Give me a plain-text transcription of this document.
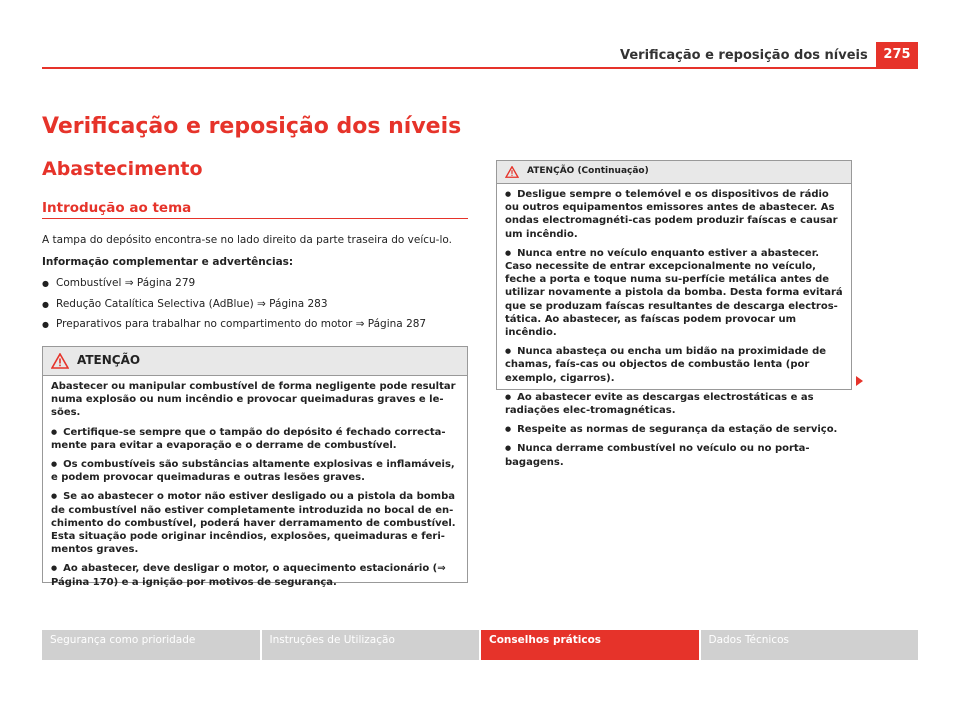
Verificação e reposição dos níveis	275
Verificação e reposição dos níveis
Abastecimento
Introdução ao tema

A tampa do depósito encontra-se no lado direito da parte traseira do veícu-lo.

Informação complementar e advertências:

● Combustível ⇒ Página 279
● Redução Catalítica Selectiva (AdBlue) ⇒ Página 283
● Preparativos para trabalhar no compartimento do motor ⇒ Página 287
ATENÇÃO

Abastecer ou manipular combustível de forma negligente pode resultar numa explosão ou num incêndio e provocar queimaduras graves e le-sões.

● Certifique-se sempre que o tampão do depósito é fechado correcta-mente para evitar a evaporação e o derrame de combustível.
● Os combustíveis são substâncias altamente explosivas e inflamáveis, e podem provocar queimaduras e outras lesões graves.
● Se ao abastecer o motor não estiver desligado ou a pistola da bomba de combustível não estiver completamente introduzida no bocal de en-chimento do combustível, poderá haver derramamento de combustível. Esta situação pode originar incêndios, explosões, queimaduras e feri-mentos graves.
● Ao abastecer, deve desligar o motor, o aquecimento estacionário (⇒ Página 170) e a ignição por motivos de segurança.
ATENÇÃO (Continuação)
● Desligue sempre o telemóvel e os dispositivos de rádio ou outros equipamentos emissores antes de abastecer. As ondas electromagnéti-cas podem produzir faíscas e causar um incêndio.
● Nunca entre no veículo enquanto estiver a abastecer. Caso necessite de entrar excepcionalmente no veículo, feche a porta e toque numa su-perfície metálica antes de utilizar novamente a pistola da bomba. Desta forma evitará que se produzam faíscas resultantes de descarga electros-tática. Ao abastecer, as faíscas podem provocar um incêndio.
● Nunca abasteça ou encha um bidão na proximidade de chamas, faís-cas ou objectos de combustão lenta (por exemplo, cigarros).
● Ao abastecer evite as descargas electrostáticas e as radiações elec-tromagnéticas.
● Respeite as normas de segurança da estação de serviço.
● Nunca derrame combustível no veículo ou no porta-bagagens.
Segurança como prioridade	Instruções de Utilização	Conselhos práticos	Dados Técnicos
